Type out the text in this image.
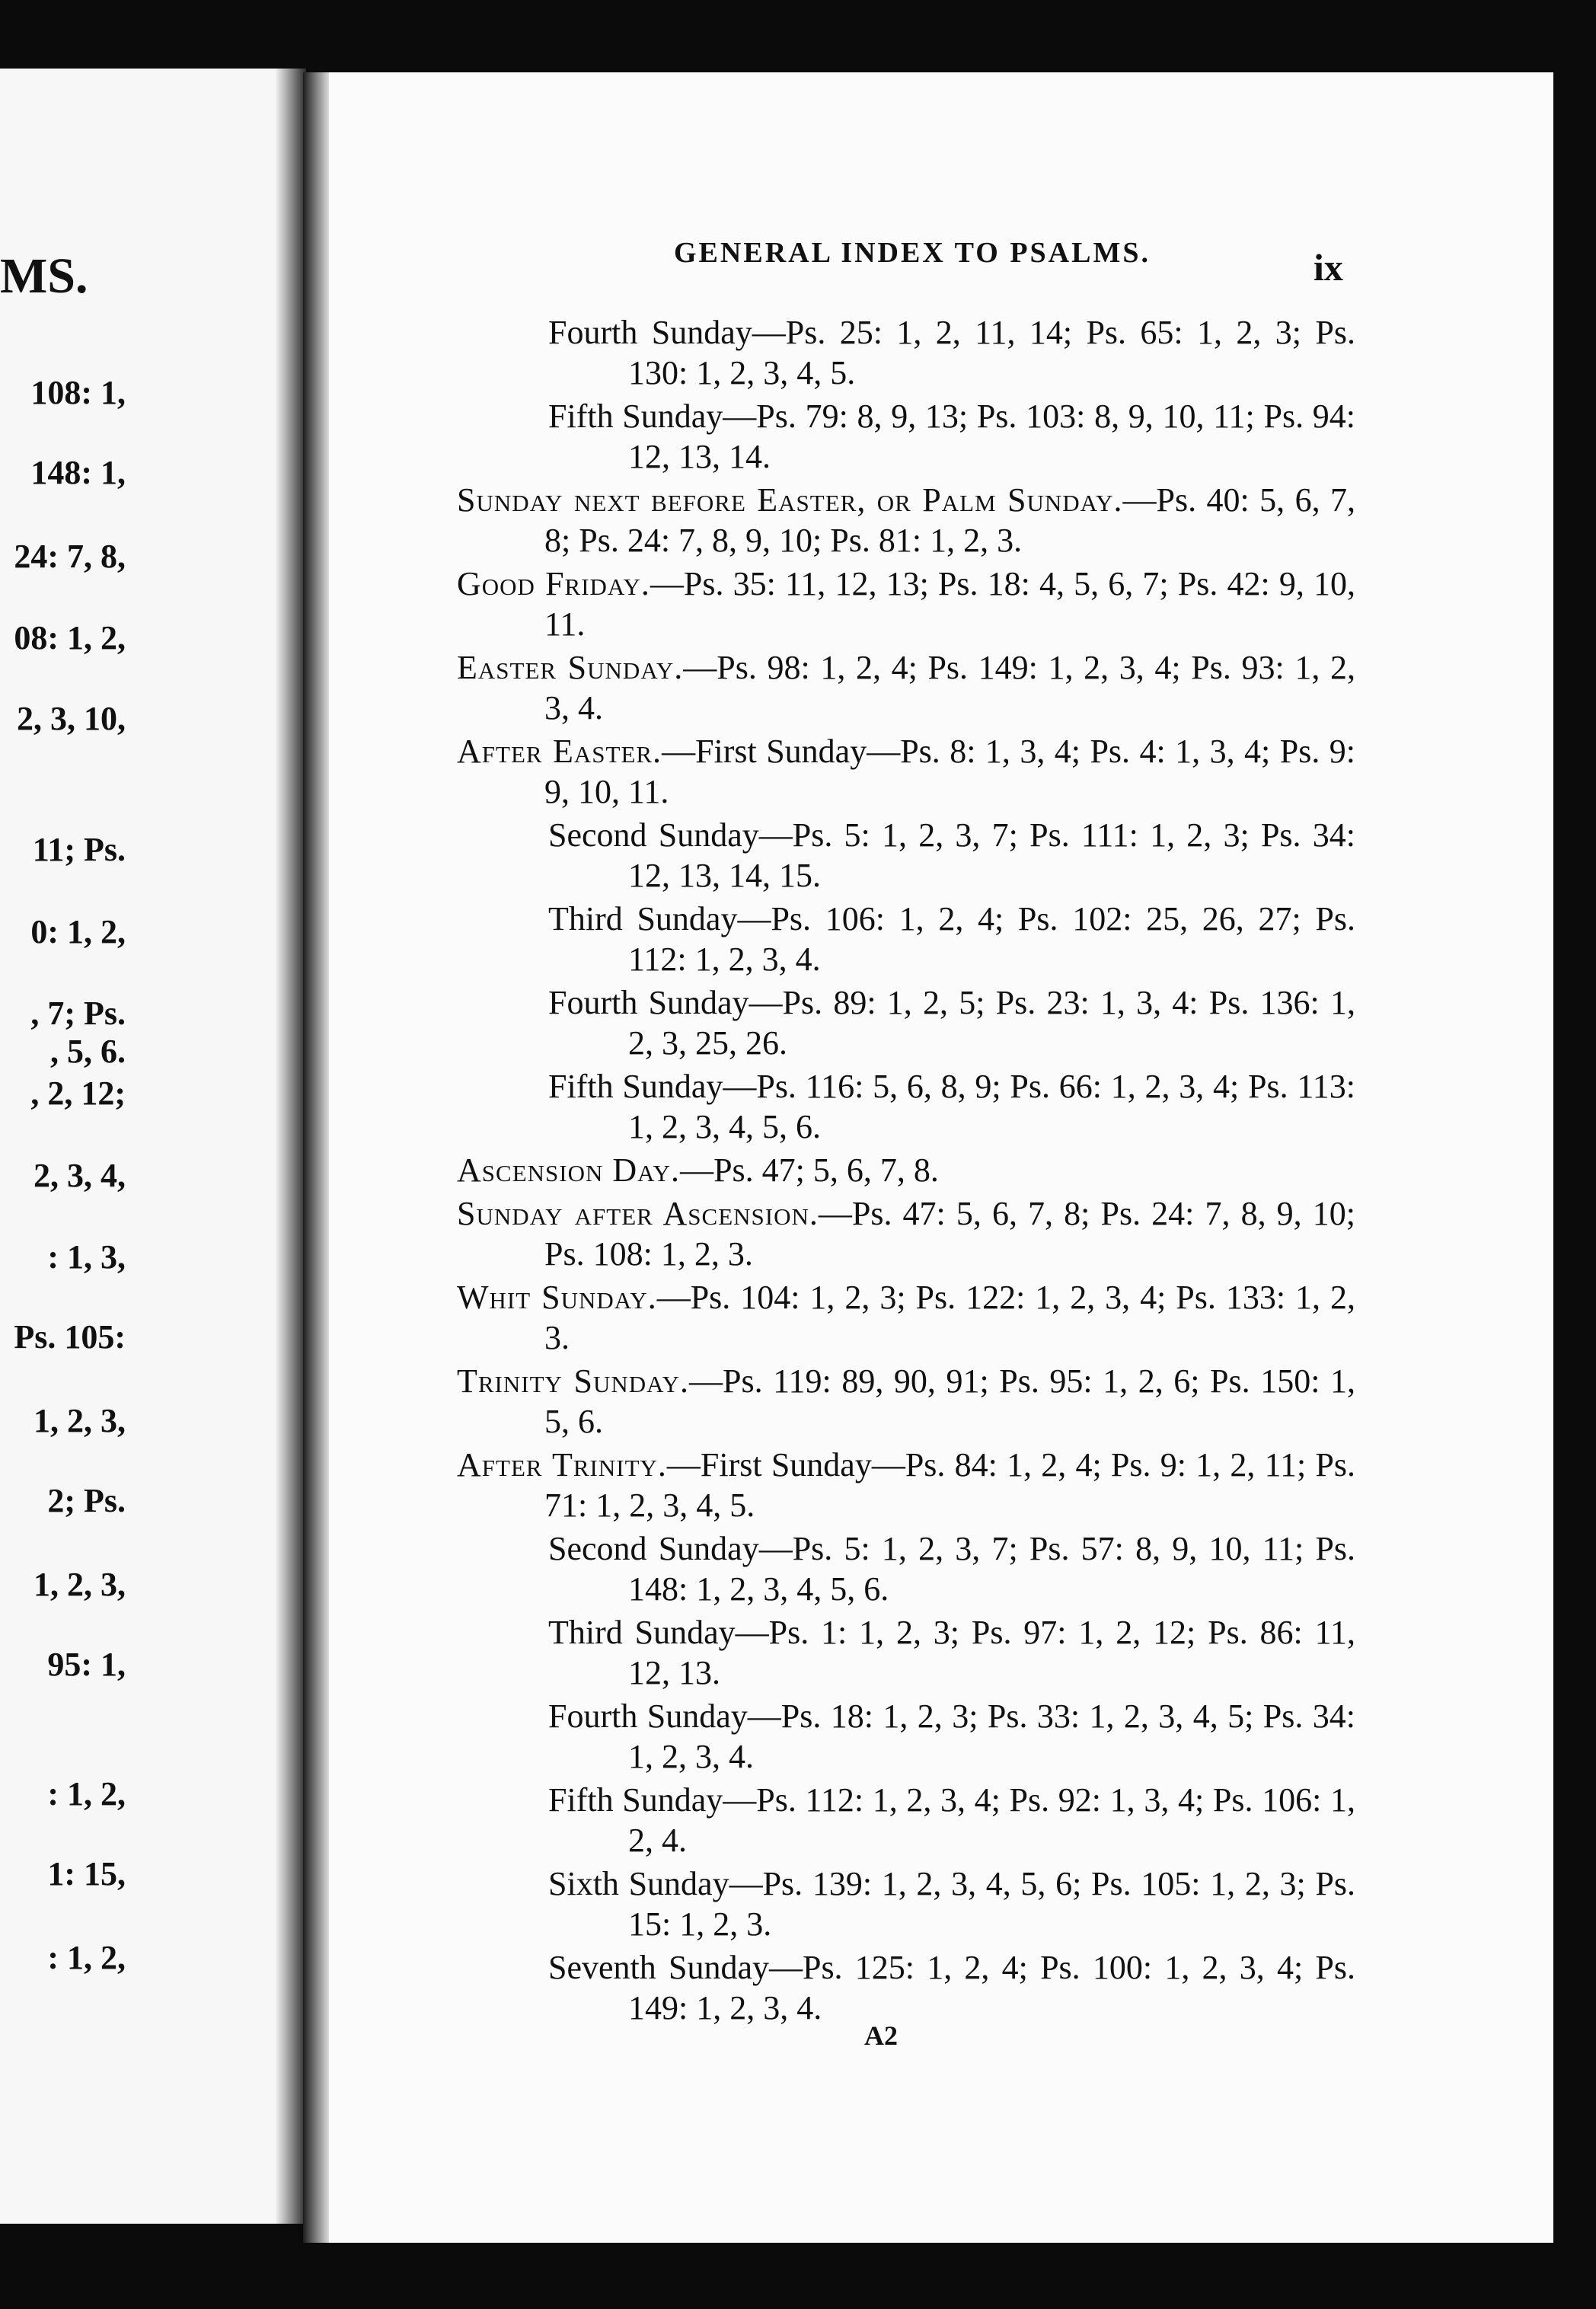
MS.
108: 1,
148: 1,
24: 7, 8,
08: 1, 2,
2, 3, 10,
11; Ps.
0: 1, 2,
, 7; Ps.
, 5, 6.
, 2, 12;
2, 3, 4,
: 1, 3,
Ps. 105:
1, 2, 3,
2; Ps.
1, 2, 3,
95: 1,
: 1, 2,
1: 15,
: 1, 2,
GENERAL INDEX TO PSALMS.	ix
Fourth Sunday—Ps. 25: 1, 2, 11, 14; Ps. 65: 1, 2, 3; Ps. 130: 1, 2, 3, 4, 5.
Fifth Sunday—Ps. 79: 8, 9, 13; Ps. 103: 8, 9, 10, 11; Ps. 94: 12, 13, 14.
Sunday next before Easter, or Palm Sunday.—Ps. 40: 5, 6, 7, 8; Ps. 24: 7, 8, 9, 10; Ps. 81: 1, 2, 3.
Good Friday.—Ps. 35: 11, 12, 13; Ps. 18: 4, 5, 6, 7; Ps. 42: 9, 10, 11.
Easter Sunday.—Ps. 98: 1, 2, 4; Ps. 149: 1, 2, 3, 4; Ps. 93: 1, 2, 3, 4.
After Easter.—First Sunday—Ps. 8: 1, 3, 4; Ps. 4: 1, 3, 4; Ps. 9: 9, 10, 11.
Second Sunday—Ps. 5: 1, 2, 3, 7; Ps. 111: 1, 2, 3; Ps. 34: 12, 13, 14, 15.
Third Sunday—Ps. 106: 1, 2, 4; Ps. 102: 25, 26, 27; Ps. 112: 1, 2, 3, 4.
Fourth Sunday—Ps. 89: 1, 2, 5; Ps. 23: 1, 3, 4: Ps. 136: 1, 2, 3, 25, 26.
Fifth Sunday—Ps. 116: 5, 6, 8, 9; Ps. 66: 1, 2, 3, 4; Ps. 113: 1, 2, 3, 4, 5, 6.
Ascension Day.—Ps. 47; 5, 6, 7, 8.
Sunday after Ascension.—Ps. 47: 5, 6, 7, 8; Ps. 24: 7, 8, 9, 10; Ps. 108: 1, 2, 3.
Whit Sunday.—Ps. 104: 1, 2, 3; Ps. 122: 1, 2, 3, 4; Ps. 133: 1, 2, 3.
Trinity Sunday.—Ps. 119: 89, 90, 91; Ps. 95: 1, 2, 6; Ps. 150: 1, 5, 6.
After Trinity.—First Sunday—Ps. 84: 1, 2, 4; Ps. 9: 1, 2, 11; Ps. 71: 1, 2, 3, 4, 5.
Second Sunday—Ps. 5: 1, 2, 3, 7; Ps. 57: 8, 9, 10, 11; Ps. 148: 1, 2, 3, 4, 5, 6.
Third Sunday—Ps. 1: 1, 2, 3; Ps. 97: 1, 2, 12; Ps. 86: 11, 12, 13.
Fourth Sunday—Ps. 18: 1, 2, 3; Ps. 33: 1, 2, 3, 4, 5; Ps. 34: 1, 2, 3, 4.
Fifth Sunday—Ps. 112: 1, 2, 3, 4; Ps. 92: 1, 3, 4; Ps. 106: 1, 2, 4.
Sixth Sunday—Ps. 139: 1, 2, 3, 4, 5, 6; Ps. 105: 1, 2, 3; Ps. 15: 1, 2, 3.
Seventh Sunday—Ps. 125: 1, 2, 4; Ps. 100: 1, 2, 3, 4; Ps. 149: 1, 2, 3, 4.
A2
